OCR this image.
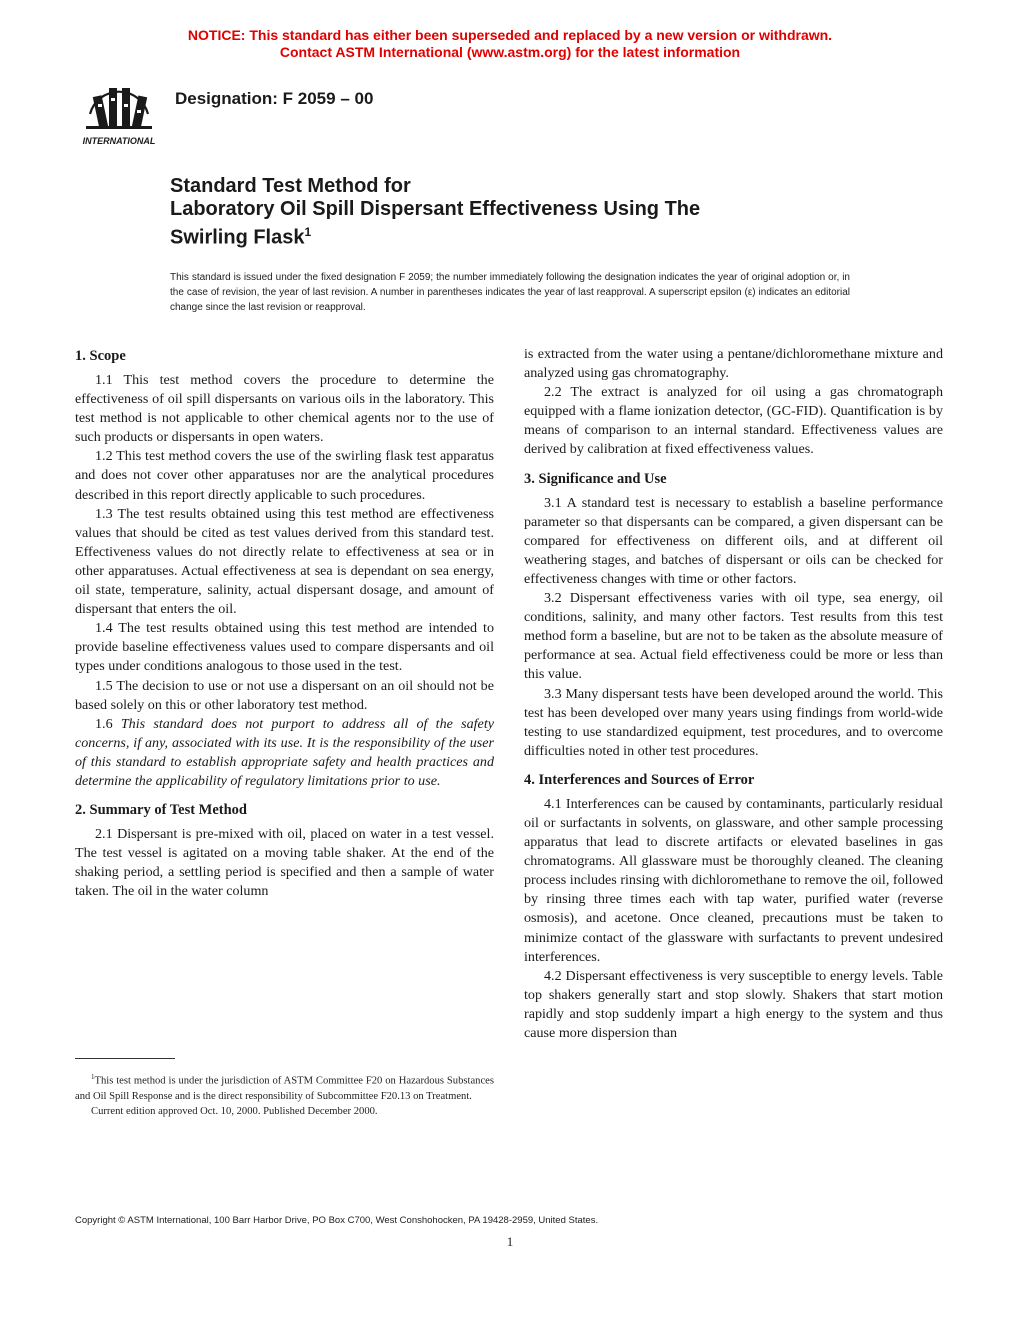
NOTICE: This standard has either been superseded and replaced by a new version or withdrawn.
Contact ASTM International (www.astm.org) for the latest information
INTERNATIONAL
Designation: F 2059 – 00
Standard Test Method for
Laboratory Oil Spill Dispersant Effectiveness Using The
Swirling Flask$^1$

This standard is issued under the fixed designation F 2059; the number immediately following the designation indicates the year of original adoption or, in the case of revision, the year of last revision. A number in parentheses indicates the year of last reapproval. A superscript epsilon (ε) indicates an editorial change since the last revision or reapproval.

1. Scope

1.1 This test method covers the procedure to determine the effectiveness of oil spill dispersants on various oils in the laboratory. This test method is not applicable to other chemical agents nor to the use of such products or dispersants in open waters.

1.2 This test method covers the use of the swirling flask test apparatus and does not cover other apparatuses nor are the analytical procedures described in this report directly applicable to such procedures.

1.3 The test results obtained using this test method are effectiveness values that should be cited as test values derived from this standard test. Effectiveness values do not directly relate to effectiveness at sea or in other apparatuses. Actual effectiveness at sea is dependant on sea energy, oil state, temperature, salinity, actual dispersant dosage, and amount of dispersant that enters the oil.

1.4 The test results obtained using this test method are intended to provide baseline effectiveness values used to compare dispersants and oil types under conditions analogous to those used in the test.

1.5 The decision to use or not use a dispersant on an oil should not be based solely on this or other laboratory test method.

1.6 This standard does not purport to address all of the safety concerns, if any, associated with its use. It is the responsibility of the user of this standard to establish appropriate safety and health practices and determine the applicability of regulatory limitations prior to use.

2. Summary of Test Method

2.1 Dispersant is pre-mixed with oil, placed on water in a test vessel. The test vessel is agitated on a moving table shaker. At the end of the shaking period, a settling period is specified and then a sample of water taken. The oil in the water column

is extracted from the water using a pentane/dichloromethane mixture and analyzed using gas chromatography.

2.2 The extract is analyzed for oil using a gas chromatograph equipped with a flame ionization detector, (GC-FID). Quantification is by means of comparison to an internal standard. Effectiveness values are derived by calibration at fixed effectiveness values.

3. Significance and Use

3.1 A standard test is necessary to establish a baseline performance parameter so that dispersants can be compared, a given dispersant can be compared for effectiveness on different oils, and at different oil weathering stages, and batches of dispersant or oils can be checked for effectiveness changes with time or other factors.

3.2 Dispersant effectiveness varies with oil type, sea energy, oil conditions, salinity, and many other factors. Test results from this test method form a baseline, but are not to be taken as the absolute measure of performance at sea. Actual field effectiveness could be more or less than this value.

3.3 Many dispersant tests have been developed around the world. This test has been developed over many years using findings from world-wide testing to use standardized equipment, test procedures, and to overcome difficulties noted in other test procedures.

4. Interferences and Sources of Error

4.1 Interferences can be caused by contaminants, particularly residual oil or surfactants in solvents, on glassware, and other sample processing apparatus that lead to discrete artifacts or elevated baselines in gas chromatograms. All glassware must be thoroughly cleaned. The cleaning process includes rinsing with dichloromethane to remove the oil, followed by rinsing three times each with tap water, purified water (reverse osmosis), and acetone. Once cleaned, precautions must be taken to minimize contact of the glassware with surfactants to prevent undesired interferences.

4.2 Dispersant effectiveness is very susceptible to energy levels. Table top shakers generally start and stop slowly. Shakers that start motion rapidly and stop suddenly impart a high energy to the system and thus cause more dispersion than

$^1$This test method is under the jurisdiction of ASTM Committee F20 on Hazardous Substances and Oil Spill Response and is the direct responsibility of Subcommittee F20.13 on Treatment.

Current edition approved Oct. 10, 2000. Published December 2000.

Copyright © ASTM International, 100 Barr Harbor Drive, PO Box C700, West Conshohocken, PA 19428-2959, United States.
1
